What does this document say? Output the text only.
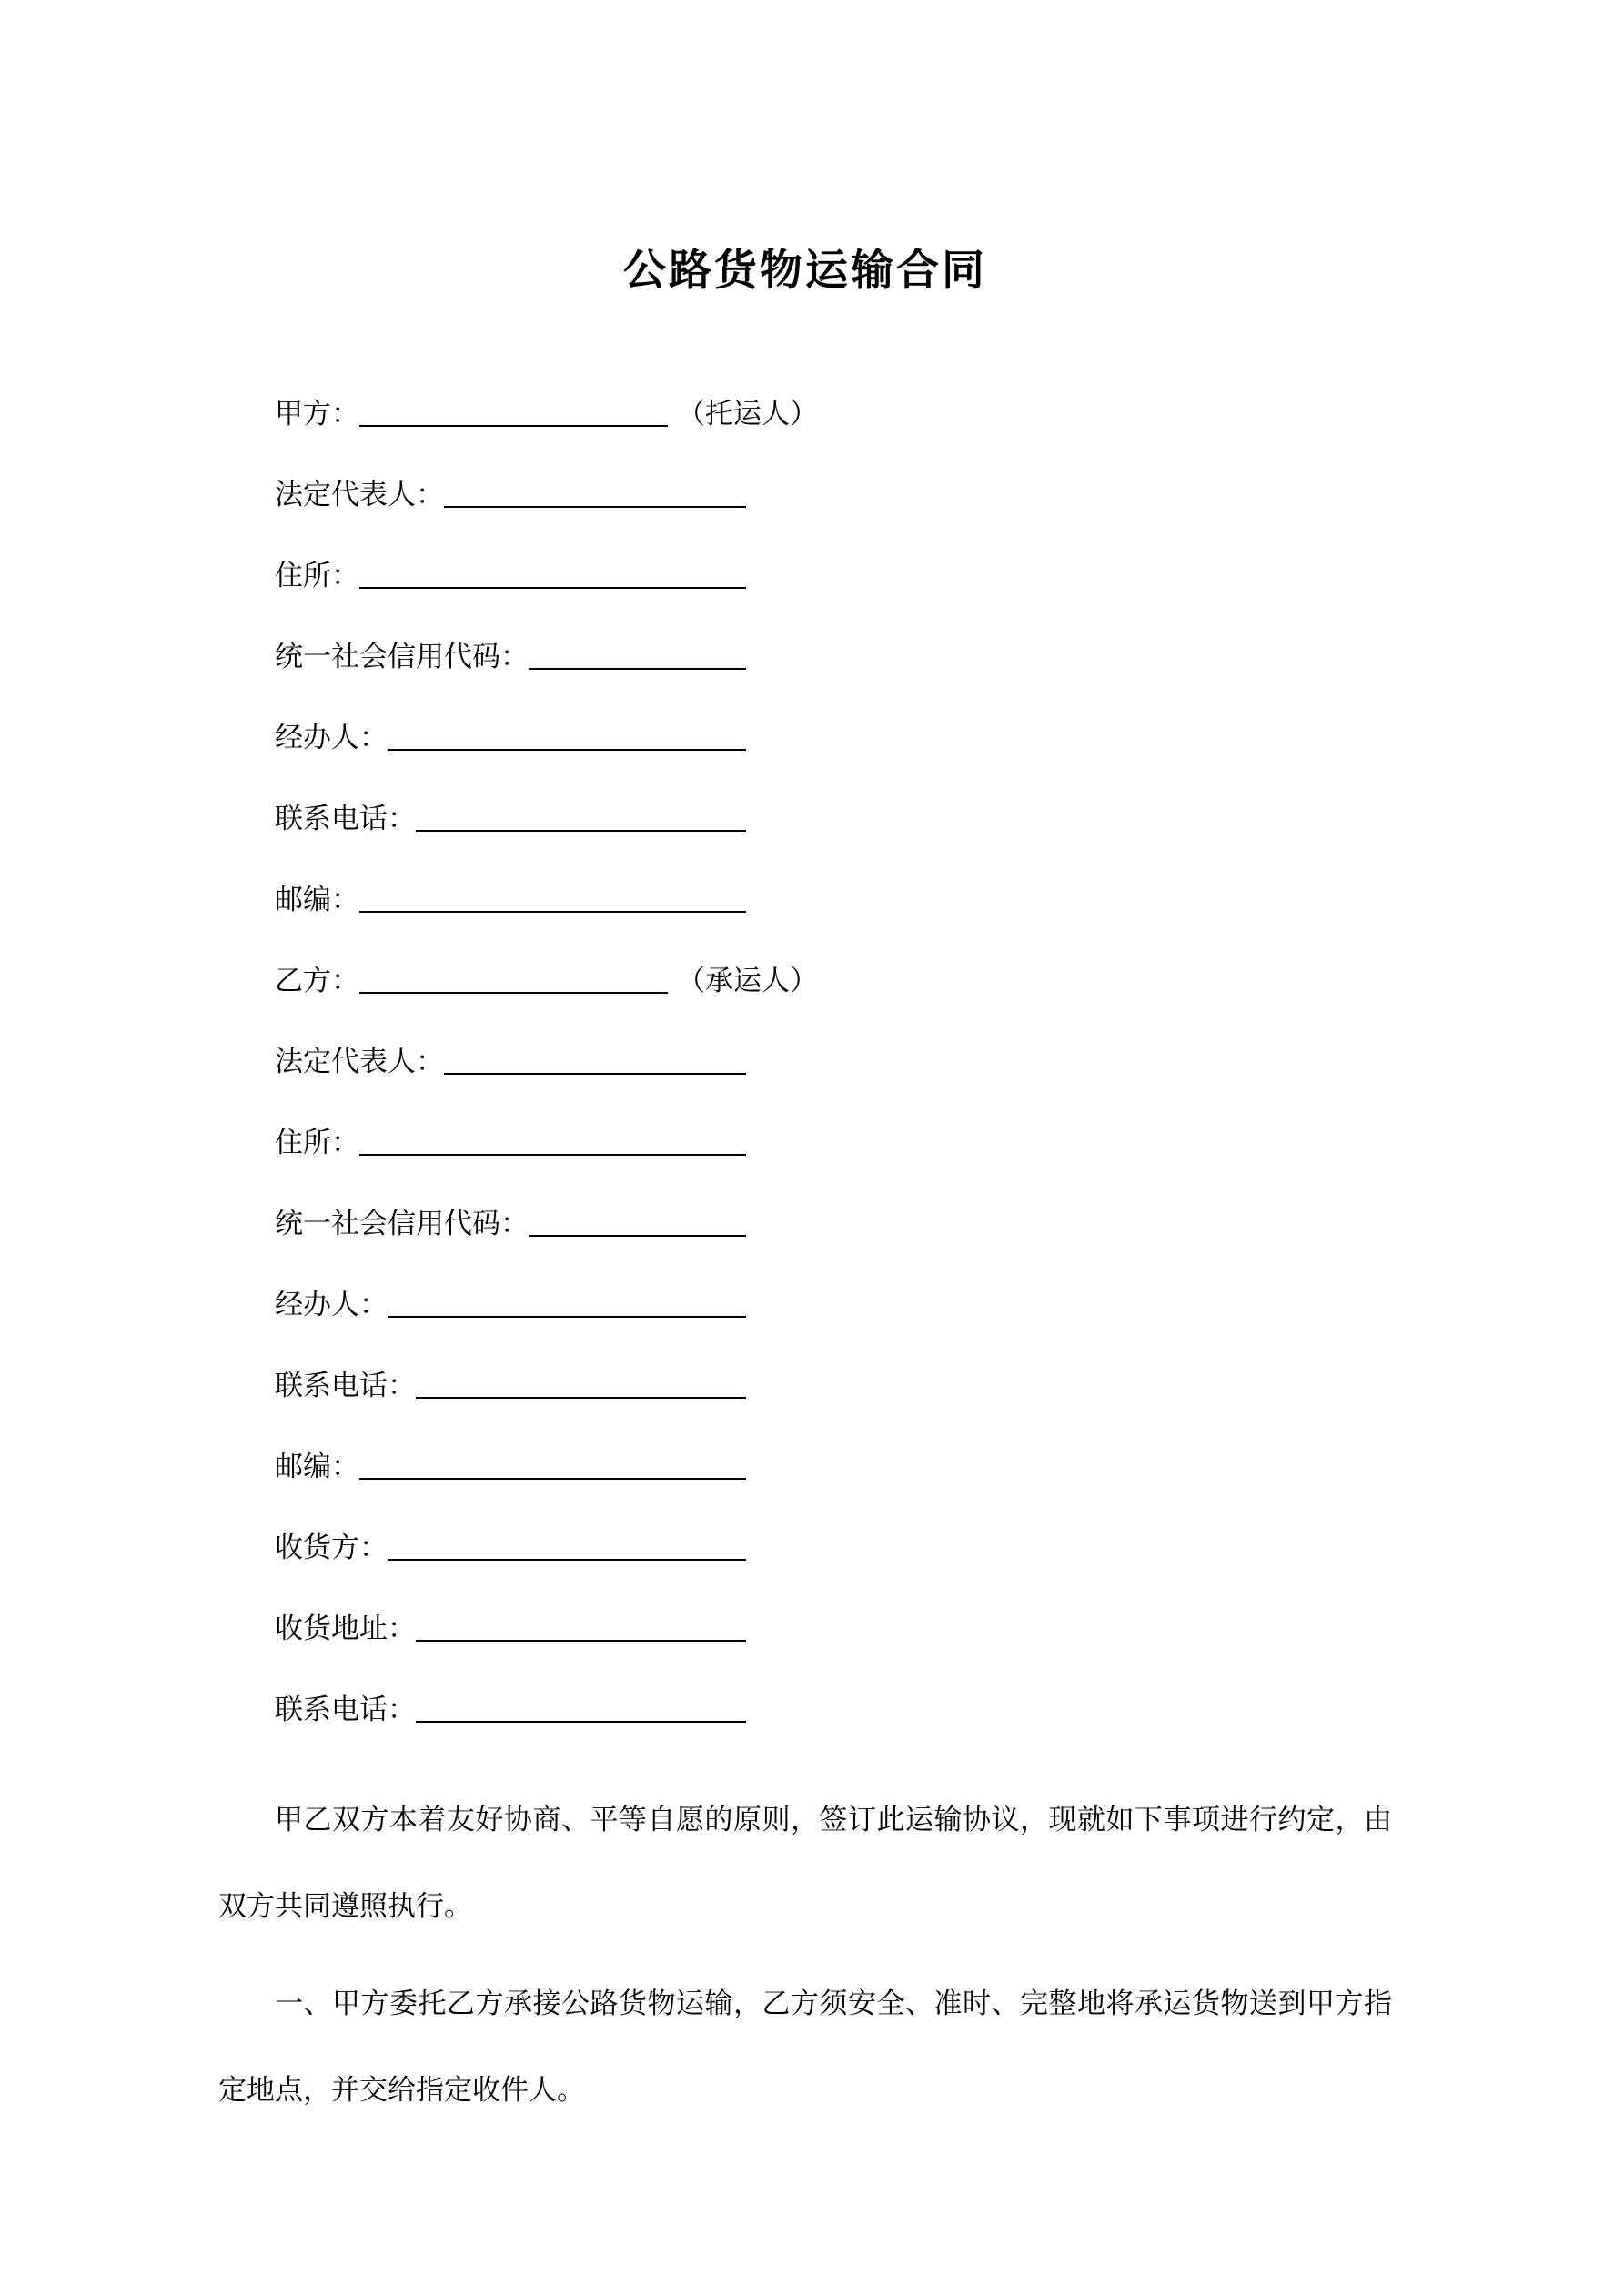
公路货物运输合同
甲方：	（托运人）
法定代表人：
住所：
统一社会信用代码：
经办人：
联系电话：
邮编：
乙方：	（承运人）
法定代表人：
住所：
统一社会信用代码：
经办人：
联系电话：
邮编：
收货方：
收货地址：
联系电话：

甲乙双方本着友好协商、平等自愿的原则，签订此运输协议，现就如下事项进行约定，由双方共同遵照执行。

一、甲方委托乙方承接公路货物运输，乙方须安全、准时、完整地将承运货物送到甲方指定地点，并交给指定收件人。
